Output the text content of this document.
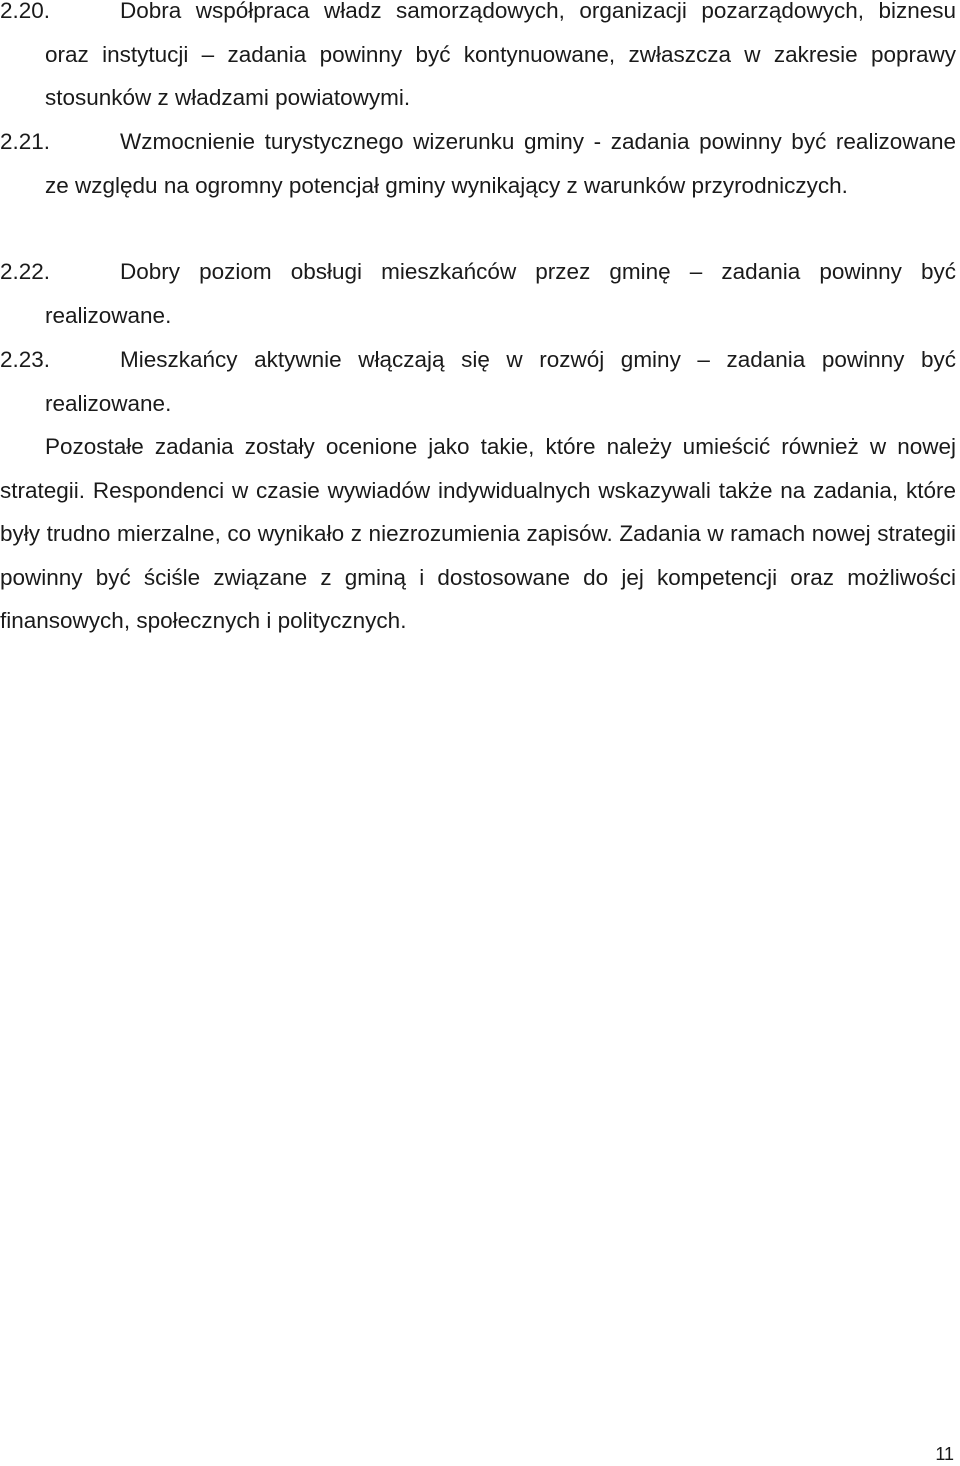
2.20.	Dobra współpraca władz samorządowych, organizacji pozarządowych, biznesu oraz instytucji – zadania powinny być kontynuowane, zwłaszcza w zakresie poprawy stosunków z władzami powiatowymi.
2.21.	Wzmocnienie turystycznego wizerunku gminy - zadania powinny być realizowane ze względu na ogromny potencjał gminy wynikający z warunków przyrodniczych.
2.22.	Dobry poziom obsługi mieszkańców przez gminę – zadania powinny być realizowane.
2.23.	Mieszkańcy aktywnie włączają się w rozwój gminy – zadania powinny być realizowane.
Pozostałe zadania zostały ocenione jako takie, które należy umieścić również w nowej strategii. Respondenci w czasie wywiadów indywidualnych wskazywali także na zadania, które były trudno mierzalne, co wynikało z niezrozumienia zapisów. Zadania w ramach nowej strategii powinny być ściśle związane z gminą i dostosowane do jej kompetencji oraz możliwości finansowych, społecznych i politycznych.
11
